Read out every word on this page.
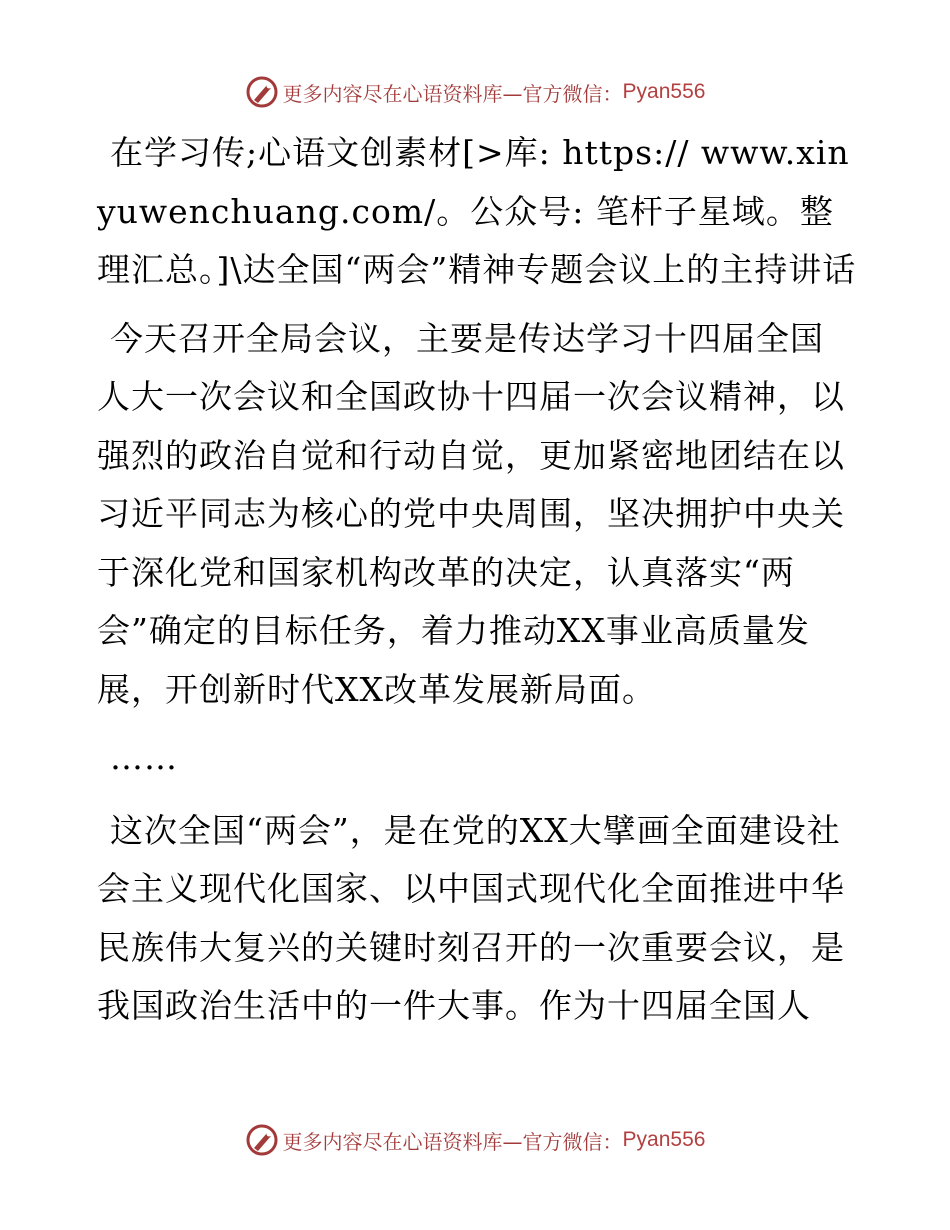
更多内容尽在心语资料库—官方微信： Pyan556

在学习传;心语文创素材[>库: https:// www.xinyuwenchuang.com/。公众号: 笔杆子星域。整理汇总。]\达全国“两会”精神专题会议上的主持讲话

今天召开全局会议，主要是传达学习十四届全国人大一次会议和全国政协十四届一次会议精神，以强烈的政治自觉和行动自觉，更加紧密地团结在以习近平同志为核心的党中央周围，坚决拥护中央关于深化党和国家机构改革的决定，认真落实“两会”确定的目标任务，着力推动XX事业高质量发展，开创新时代XX改革发展新局面。

……

这次全国“两会”，是在党的XX大擘画全面建设社会主义现代化国家、以中国式现代化全面推进中华民族伟大复兴的关键时刻召开的一次重要会议，是我国政治生活中的一件大事。作为十四届全国人

更多内容尽在心语资料库—官方微信： Pyan556
